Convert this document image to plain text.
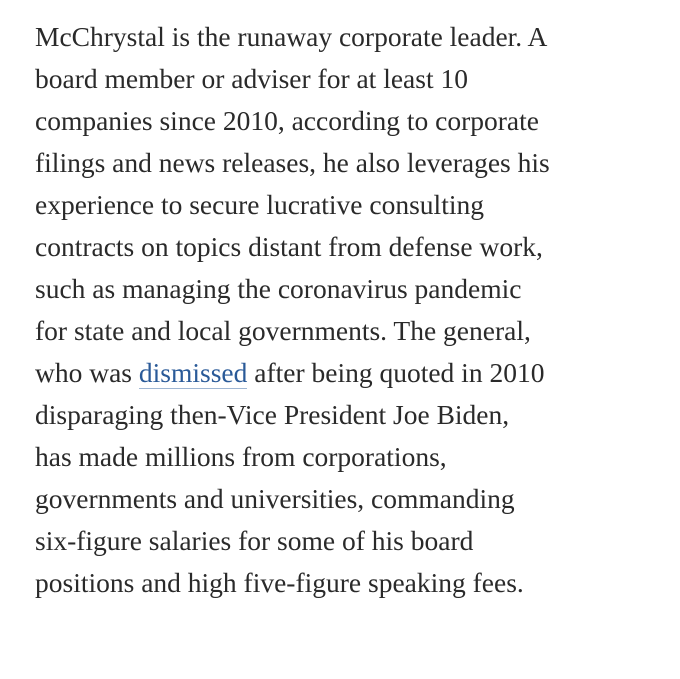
McChrystal is the runaway corporate leader. A
board member or adviser for at least 10
companies since 2010, according to corporate
filings and news releases, he also leverages his
experience to secure lucrative consulting
contracts on topics distant from defense work,
such as managing the coronavirus pandemic
for state and local governments. The general,
who was dismissed after being quoted in 2010
disparaging then-Vice President Joe Biden,
has made millions from corporations,
governments and universities, commanding
six-figure salaries for some of his board
positions and high five-figure speaking fees.
